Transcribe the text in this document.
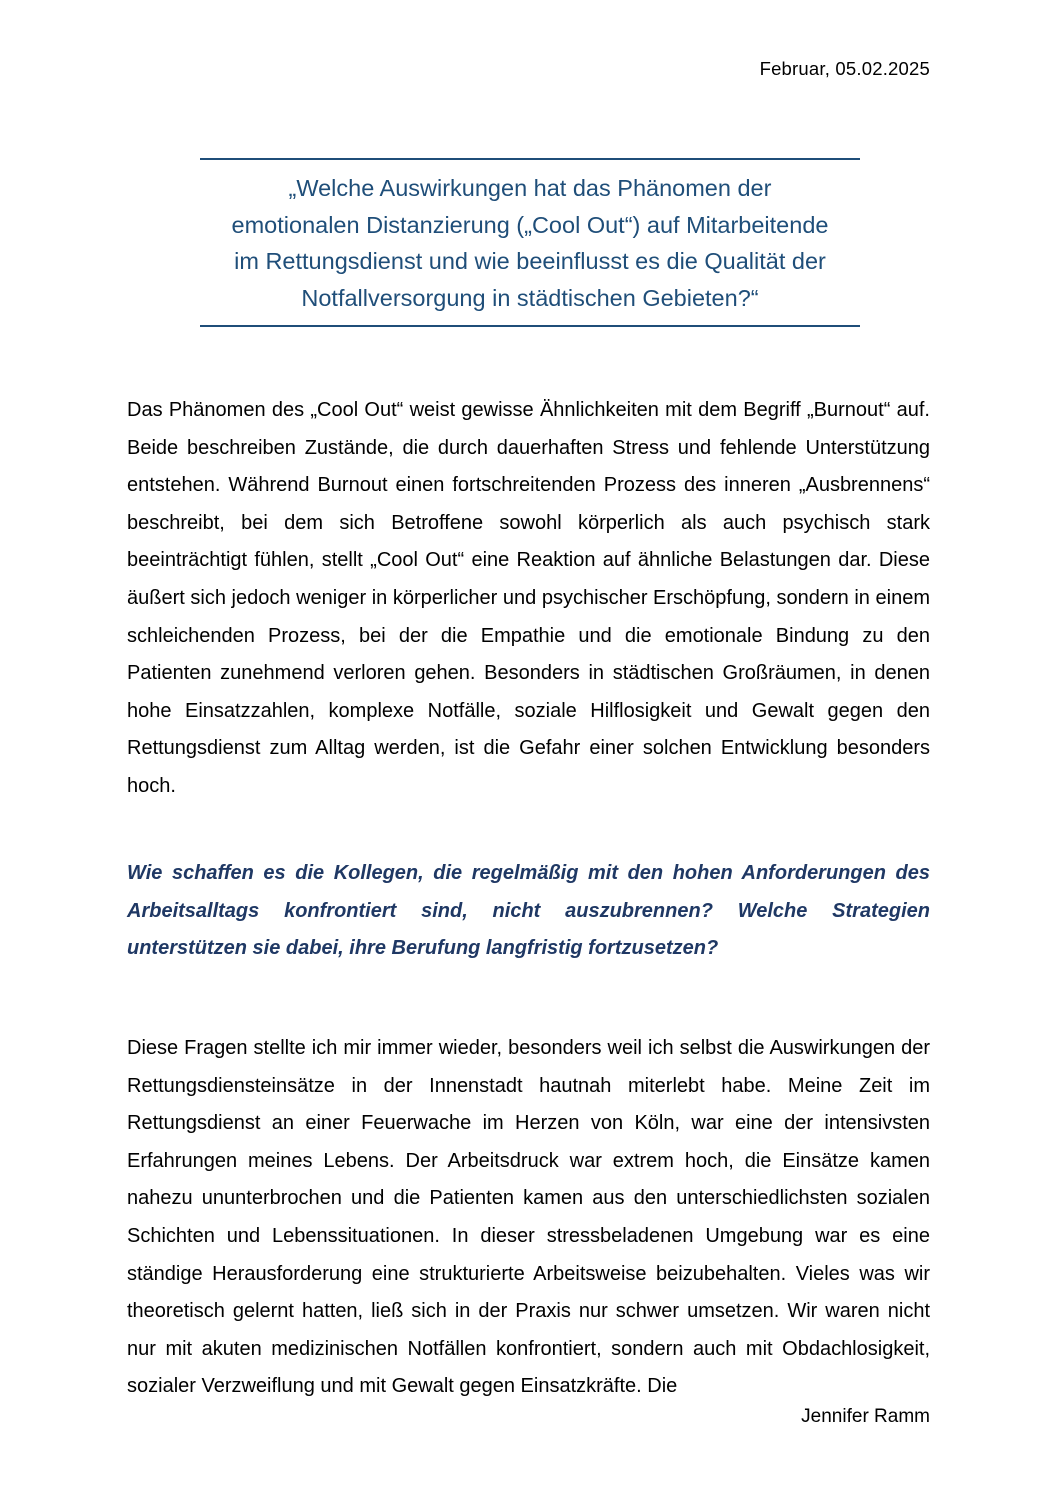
Februar, 05.02.2025
„Welche Auswirkungen hat das Phänomen der
emotionalen Distanzierung („Cool Out“) auf Mitarbeitende
im Rettungsdienst und wie beeinflusst es die Qualität der
Notfallversorgung in städtischen Gebieten?“

Das Phänomen des „Cool Out“ weist gewisse Ähnlichkeiten mit dem Begriff „Burnout“ auf. Beide beschreiben Zustände, die durch dauerhaften Stress und fehlende Unterstützung entstehen. Während Burnout einen fortschreitenden Prozess des inneren „Ausbrennens“ beschreibt, bei dem sich Betroffene sowohl körperlich als auch psychisch stark beeinträchtigt fühlen, stellt „Cool Out“ eine Reaktion auf ähnliche Belastungen dar. Diese äußert sich jedoch weniger in körperlicher und psychischer Erschöpfung, sondern in einem schleichenden Prozess, bei der die Empathie und die emotionale Bindung zu den Patienten zunehmend verloren gehen. Besonders in städtischen Großräumen, in denen hohe Einsatzzahlen, komplexe Notfälle, soziale Hilflosigkeit und Gewalt gegen den Rettungsdienst zum Alltag werden, ist die Gefahr einer solchen Entwicklung besonders hoch.

Wie schaffen es die Kollegen, die regelmäßig mit den hohen Anforderungen des Arbeitsalltags konfrontiert sind, nicht auszubrennen? Welche Strategien unterstützen sie dabei, ihre Berufung langfristig fortzusetzen?

Diese Fragen stellte ich mir immer wieder, besonders weil ich selbst die Auswirkungen der Rettungsdiensteinsätze in der Innenstadt hautnah miterlebt habe. Meine Zeit im Rettungsdienst an einer Feuerwache im Herzen von Köln, war eine der intensivsten Erfahrungen meines Lebens. Der Arbeitsdruck war extrem hoch, die Einsätze kamen nahezu ununterbrochen und die Patienten kamen aus den unterschiedlichsten sozialen Schichten und Lebenssituationen. In dieser stressbeladenen Umgebung war es eine ständige Herausforderung eine strukturierte Arbeitsweise beizubehalten. Vieles was wir theoretisch gelernt hatten, ließ sich in der Praxis nur schwer umsetzen. Wir waren nicht nur mit akuten medizinischen Notfällen konfrontiert, sondern auch mit Obdachlosigkeit, sozialer Verzweiflung und mit Gewalt gegen Einsatzkräfte. Die

Jennifer Ramm
